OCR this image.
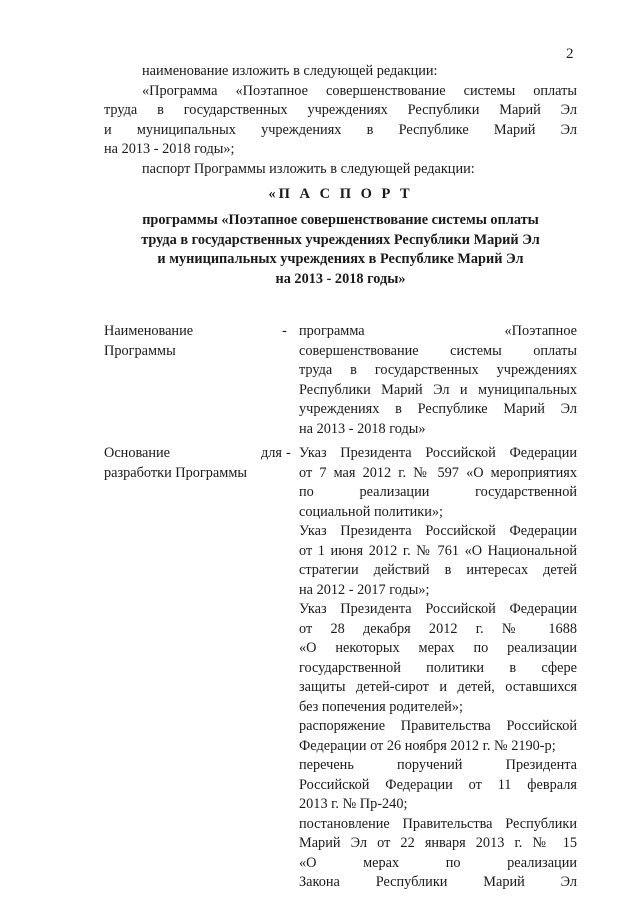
2

наименование изложить в следующей редакции:

«Программа «Поэтапное совершенствование системы оплаты
труда в государственных учреждениях Республики Марий Эл
и муниципальных учреждениях в Республике Марий Эл
на 2013 - 2018 годы»;

паспорт Программы изложить в следующей редакции:

«П А С П О Р Т
программы «Поэтапное совершенствование системы оплаты
труда в государственных учреждениях Республики Марий Эл
и муниципальных учреждениях в Республике Марий Эл
на 2013 - 2018 годы»
Наименование
Программы
- программа «Поэтапное
совершенствование системы оплаты
труда в государственных учреждениях
Республики Марий Эл и муниципальных
учреждениях в Республике Марий Эл
на 2013 - 2018 годы»
Основание для
разработки Программы
- Указ Президента Российской Федерации
от 7 мая 2012 г. № 597 «О мероприятиях
по реализации государственной
социальной политики»;
Указ Президента Российской Федерации
от 1 июня 2012 г. № 761 «О Национальной
стратегии действий в интересах детей
на 2012 - 2017 годы»;
Указ Президента Российской Федерации
от 28 декабря 2012 г. № 1688
«О некоторых мерах по реализации
государственной политики в сфере
защиты детей-сирот и детей, оставшихся
без попечения родителей»;
распоряжение Правительства Российской
Федерации от 26 ноября 2012 г. № 2190-р;
перечень поручений Президента
Российской Федерации от 11 февраля
2013 г. № Пр-240;
постановление Правительства Республики
Марий Эл от 22 января 2013 г. № 15
«О мерах по реализации
Закона Республики Марий Эл
